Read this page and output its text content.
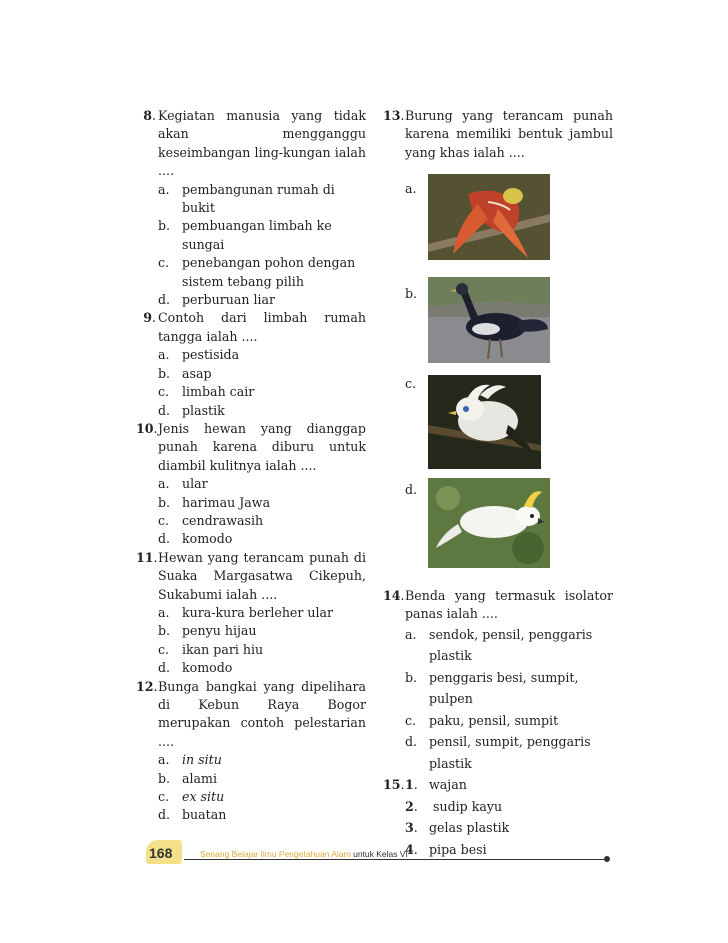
8. Kegiatan manusia yang tidak akan mengganggu keseimbangan ling-kungan ialah ....
a. pembangunan rumah di bukit
b. pembuangan limbah ke sungai
c. penebangan pohon dengan sistem tebang pilih
d. perburuan liar
9. Contoh dari limbah rumah tangga ialah ....
a. pestisida
b. asap
c. limbah cair
d. plastik
10. Jenis hewan yang dianggap punah karena diburu untuk diambil kulitnya ialah ....
a. ular
b. harimau Jawa
c. cendrawasih
d. komodo
11. Hewan yang terancam punah di Suaka Margasatwa Cikepuh, Sukabumi ialah ....
a. kura-kura berleher ular
b. penyu hijau
c. ikan pari hiu
d. komodo
12. Bunga bangkai yang dipelihara di Kebun Raya Bogor merupakan contoh pelestarian ....
a. in situ
b. alami
c. ex situ
d. buatan
13. Burung yang terancam punah karena memiliki bentuk jambul yang khas ialah ....
a.
b.
c.
d.
14. Benda yang termasuk isolator panas ialah ....
a. sendok, pensil, penggaris plastik
b. penggaris besi, sumpit, pulpen
c. paku, pensil, sumpit
d. pensil, sumpit, penggaris plastik
15. 1. wajan
2. sudip kayu
3. gelas plastik
4. pipa besi
168	Senang Belajar Ilmu Pengetahuan Alam untuk Kelas VI
